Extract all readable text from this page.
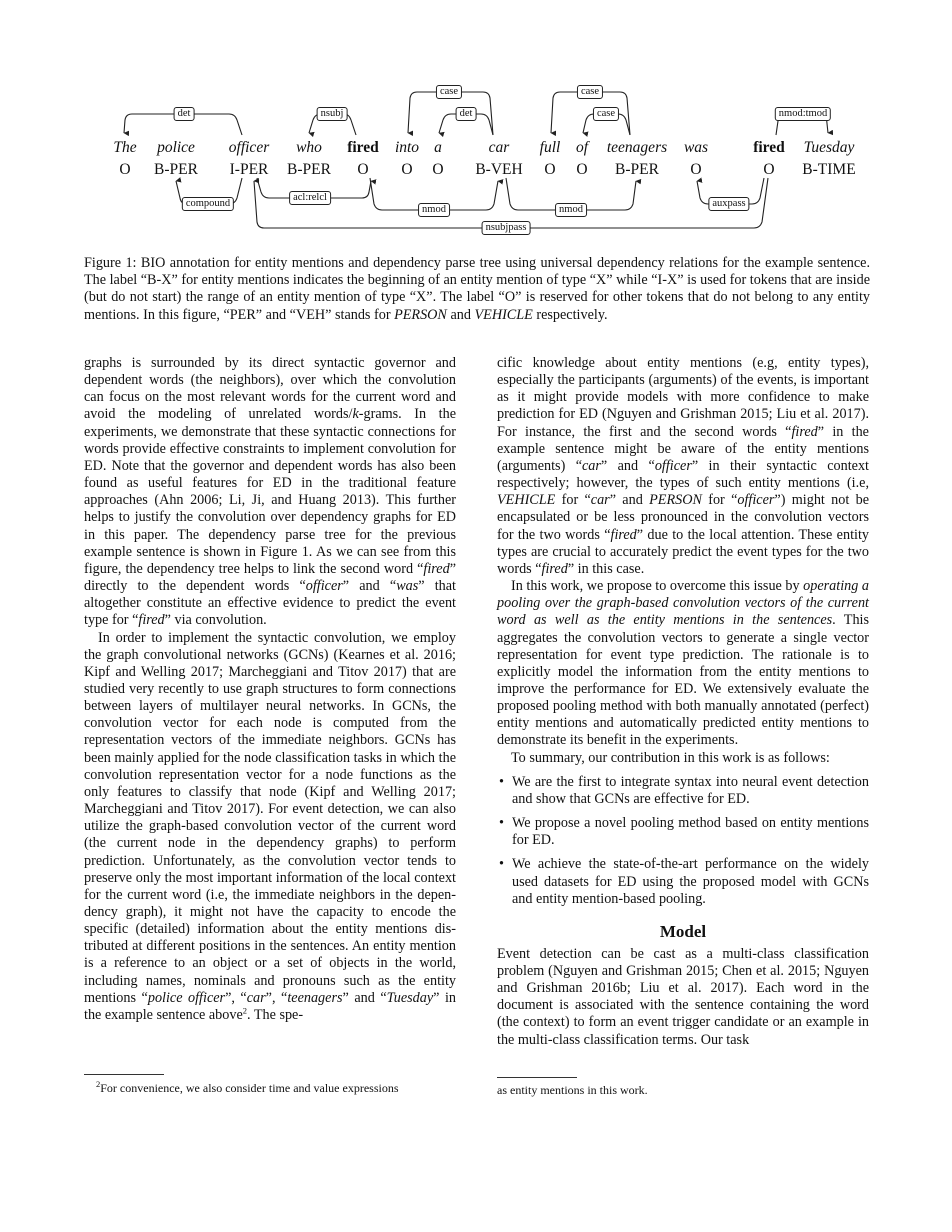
The
O
police
B-PER
officer
I-PER
who
B-PER
fired
O
into
O
a
O
car
B-VEH
full
O
of
O
teenagers
B-PER
was
O
fired
O
Tuesday
B-TIME
det	nsubj
case
det
case
case	nmod:tmod
compound
acl:relcl
nmod	nmod
auxpass
nsubjpass
Figure 1: BIO annotation for entity mentions and dependency parse tree using universal dependency relations for the example sentence. The label “B-X” for entity mentions indicates the beginning of an entity mention of type “X” while “I-X” is used for tokens that are inside (but do not start) the range of an entity mention of type “X”. The label “O” is reserved for other tokens that do not belong to any entity mentions. In this figure, “PER” and “VEH” stands for PERSON and VEHICLE respectively.

graphs is surrounded by its direct syntactic governor and dependent words (the neighbors), over which the convolution can focus on the most relevant words for the current word and avoid the modeling of unrelated words/k-grams. In the experiments, we demonstrate that these syntactic connections for words provide effective constraints to implement convolution for ED. Note that the governor and dependent words has also been found as useful features for ED in the traditional feature approaches (Ahn 2006; Li, Ji, and Huang 2013). This further helps to justify the convolution over dependency graphs for ED in this paper. The dependency parse tree for the previous example sentence is shown in Figure 1. As we can see from this figure, the dependency tree helps to link the second word “fired” directly to the dependent words “officer” and “was” that altogether constitute an effective evidence to predict the event type for “fired” via convolution.

In order to implement the syntactic convolution, we employ the graph convolutional networks (GCNs) (Kearnes et al. 2016; Kipf and Welling 2017; Marcheggiani and Titov 2017) that are studied very recently to use graph structures to form connections between layers of multilayer neural networks. In GCNs, the convolution vector for each node is computed from the representation vectors of the immediate neighbors. GCNs has been mainly applied for the node classification tasks in which the convolution representation vector for a node functions as the only features to classify that node (Kipf and Welling 2017; Marcheggiani and Titov 2017). For event detection, we can also utilize the graph-based convolution vector of the current word (the current node in the dependency graphs) to perform prediction. Unfortunately, as the convolution vector tends to preserve only the most important information of the local context for the current word (i.e, the immediate neighbors in the dependency graph), it might not have the capacity to encode the specific (detailed) information about the entity mentions distributed at different positions in the sentences. An entity mention is a reference to an object or a set of objects in the world, including names, nominals and pronouns such as the entity mentions “police officer”, “car”, “teenagers” and “Tuesday” in the example sentence above$^2$. The spe-

$^2$For convenience, we also consider time and value expressions

cific knowledge about entity mentions (e.g, entity types), especially the participants (arguments) of the events, is important as it might provide models with more confidence to make prediction for ED (Nguyen and Grishman 2015; Liu et al. 2017). For instance, the first and the second words “fired” in the example sentence might be aware of the entity mentions (arguments) “car” and “officer” in their syntactic context respectively; however, the types of such entity mentions (i.e, VEHICLE for “car” and PERSON for “officer”) might not be encapsulated or be less pronounced in the convolution vectors for the two words “fired” due to the local attention. These entity types are crucial to accurately predict the event types for the two words “fired” in this case.

In this work, we propose to overcome this issue by operating a pooling over the graph-based convolution vectors of the current word as well as the entity mentions in the sentences. This aggregates the convolution vectors to generate a single vector representation for event type prediction. The rationale is to explicitly model the information from the entity mentions to improve the performance for ED. We extensively evaluate the proposed pooling method with both manually annotated (perfect) entity mentions and automatically predicted entity mentions to demonstrate its benefit in the experiments.

To summary, our contribution in this work is as follows:

• We are the first to integrate syntax into neural event detection and show that GCNs are effective for ED.
• We propose a novel pooling method based on entity mentions for ED.
• We achieve the state-of-the-art performance on the widely used datasets for ED using the proposed model with GCNs and entity mention-based pooling.
Model

Event detection can be cast as a multi-class classification problem (Nguyen and Grishman 2015; Chen et al. 2015; Nguyen and Grishman 2016b; Liu et al. 2017). Each word in the document is associated with the sentence containing the word (the context) to form an event trigger candidate or an example in the multi-class classification terms. Our task

as entity mentions in this work.
